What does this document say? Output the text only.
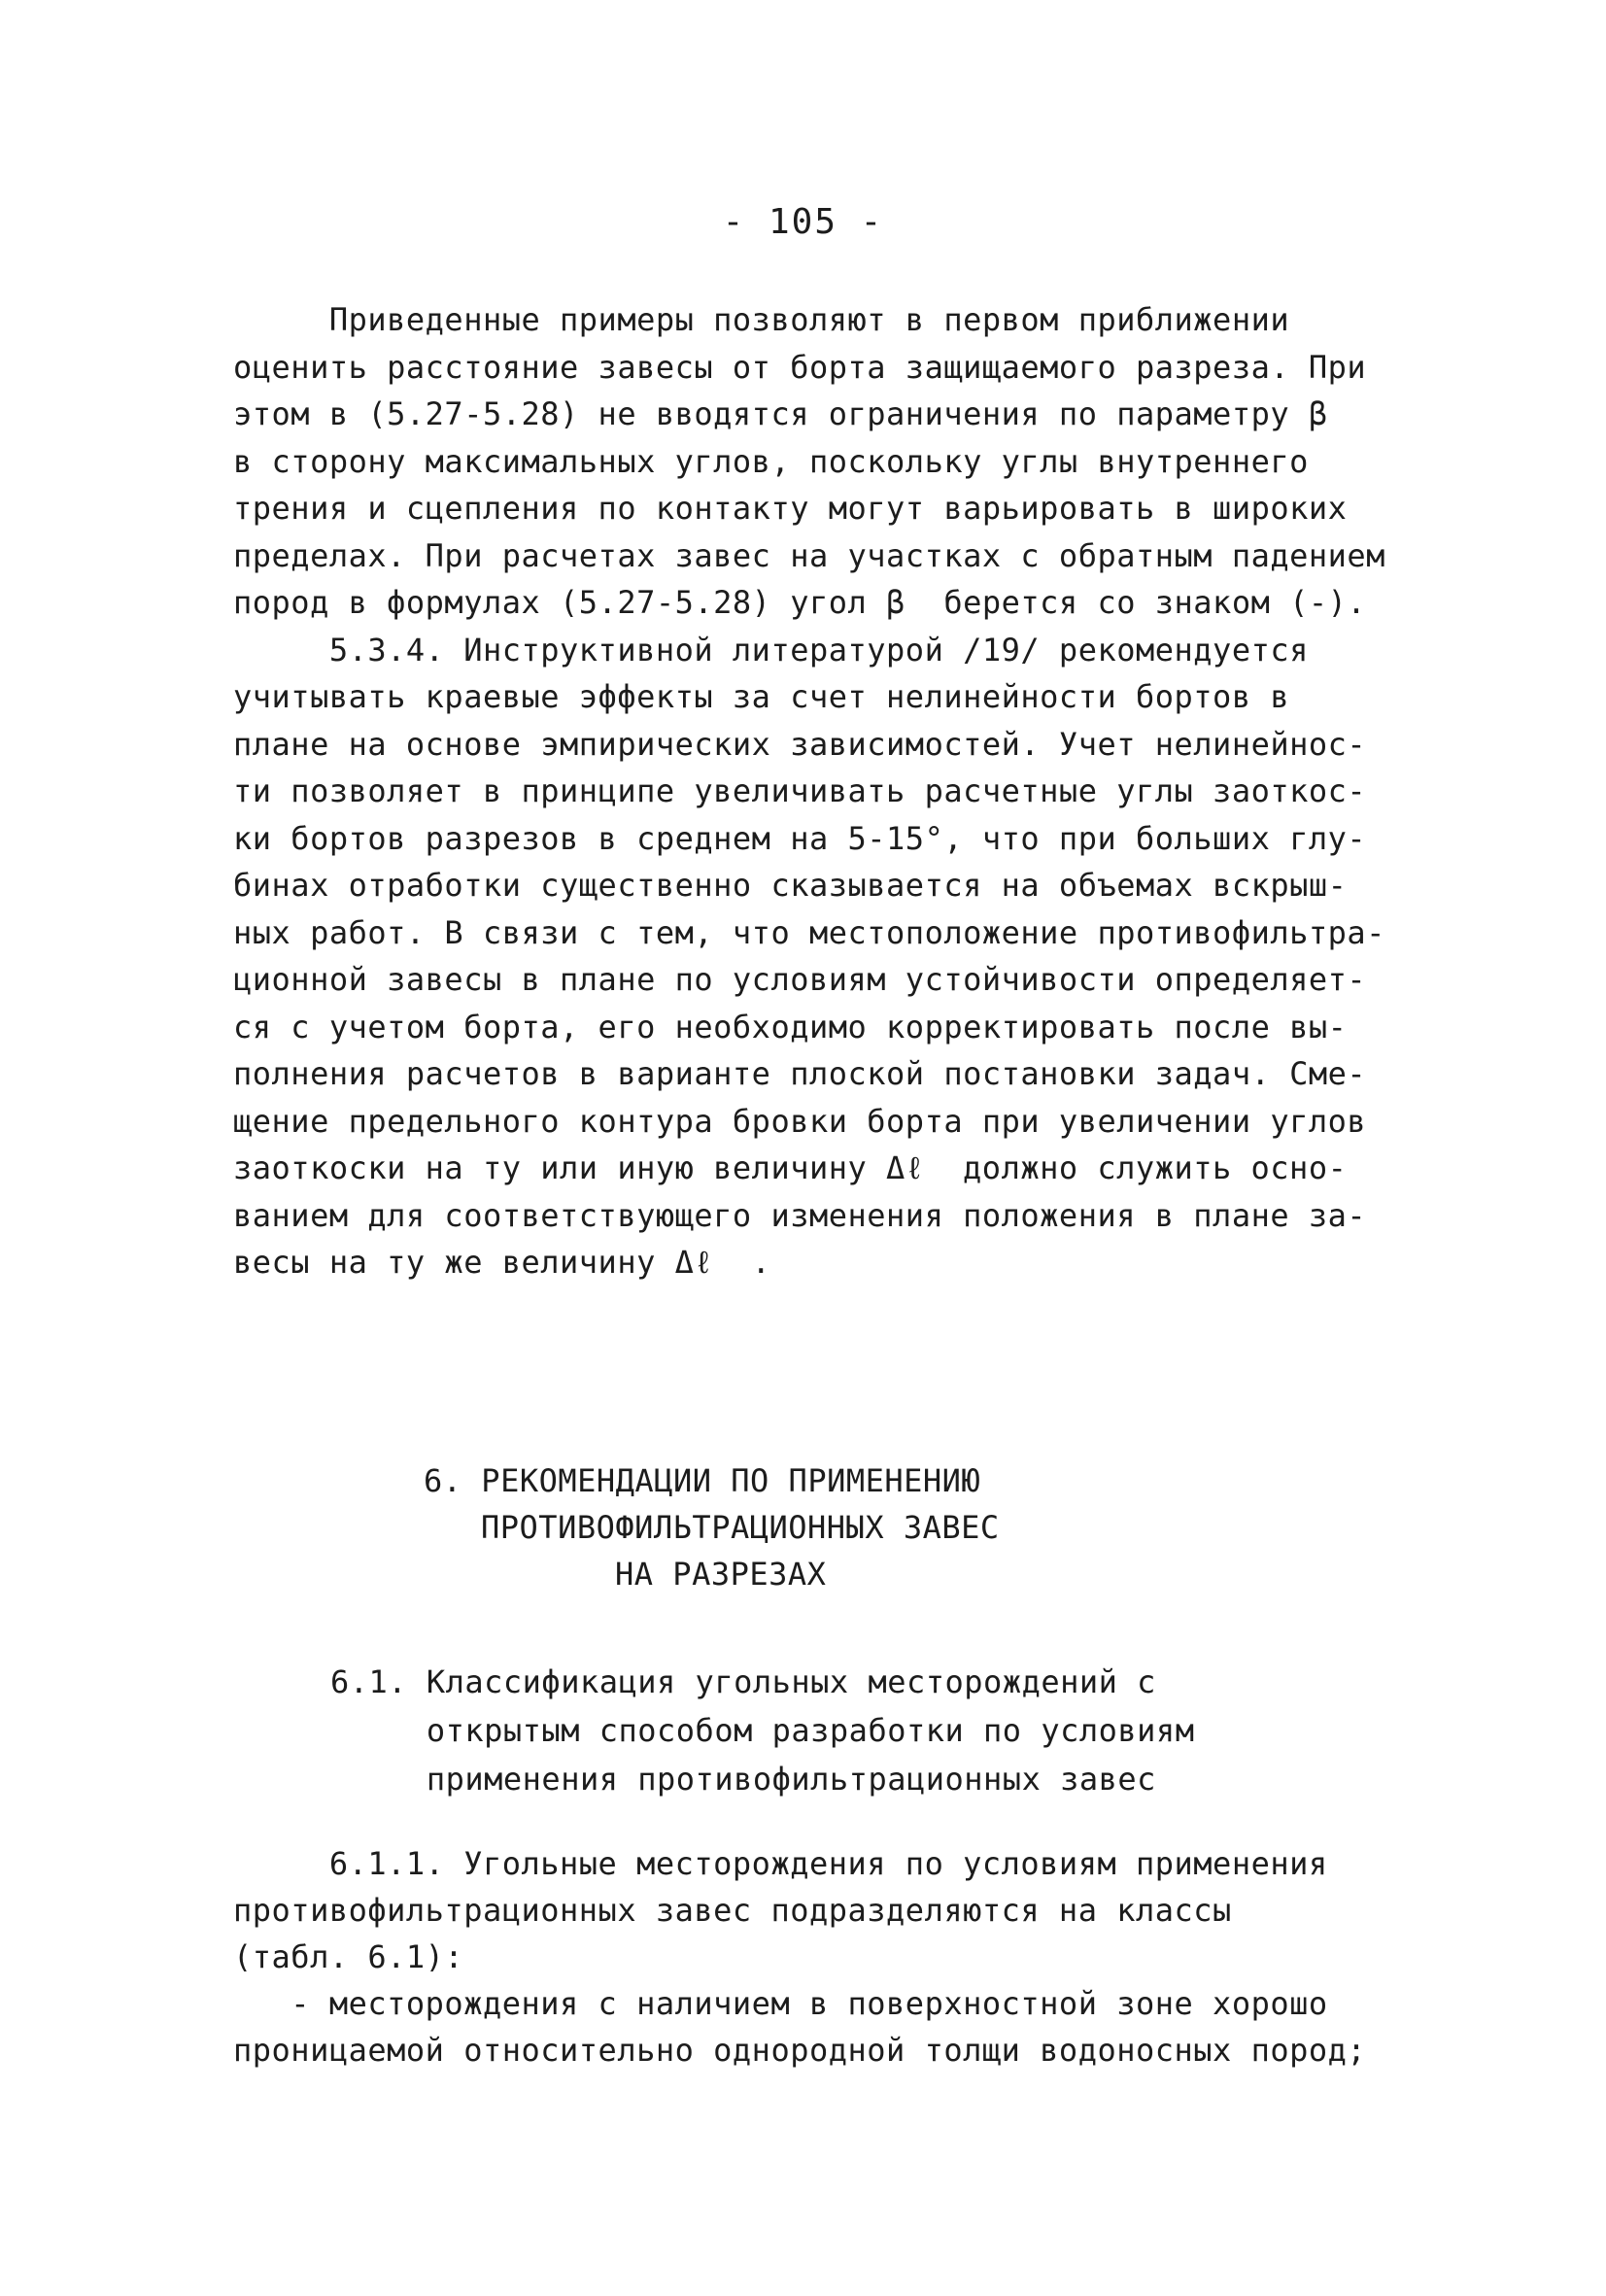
- 105 -
Приведенные примеры позволяют в первом приближении
оценить расстояние завесы от борта защищаемого разреза. При
этом в (5.27-5.28) не вводятся ограничения по параметру β
в сторону максимальных углов, поскольку углы внутреннего
трения и сцепления по контакту могут варьировать в широких
пределах. При расчетах завес на участках с обратным падением
пород в формулах (5.27-5.28) угол β  берется со знаком (-).
5.3.4. Инструктивной литературой /19/ рекомендуется
учитывать краевые эффекты за счет нелинейности бортов в
плане на основе эмпирических зависимостей. Учет нелинейнос-
ти позволяет в принципе увеличивать расчетные углы заоткос-
ки бортов разрезов в среднем на 5-15°, что при больших глу-
бинах отработки существенно сказывается на объемах вскрыш-
ных работ. В связи с тем, что местоположение противофильтра-
ционной завесы в плане по условиям устойчивости определяет-
ся с учетом борта, его необходимо корректировать после вы-
полнения расчетов в варианте плоской постановки задач. Сме-
щение предельного контура бровки борта при увеличении углов
заоткоски на ту или иную величину Δℓ  должно служить осно-
ванием для соответствующего изменения положения в плане за-
весы на ту же величину Δℓ  .
6. РЕКОМЕНДАЦИИ ПО ПРИМЕНЕНИЮ
ПРОТИВОФИЛЬТРАЦИОННЫХ ЗАВЕС
НА РАЗРЕЗАХ
6.1. Классификация угольных месторождений с
открытым способом разработки по условиям
применения противофильтрационных завес
6.1.1. Угольные месторождения по условиям применения
противофильтрационных завес подразделяются на классы
(табл. 6.1):
- месторождения с наличием в поверхностной зоне хорошо
проницаемой относительно однородной толщи водоносных пород;
